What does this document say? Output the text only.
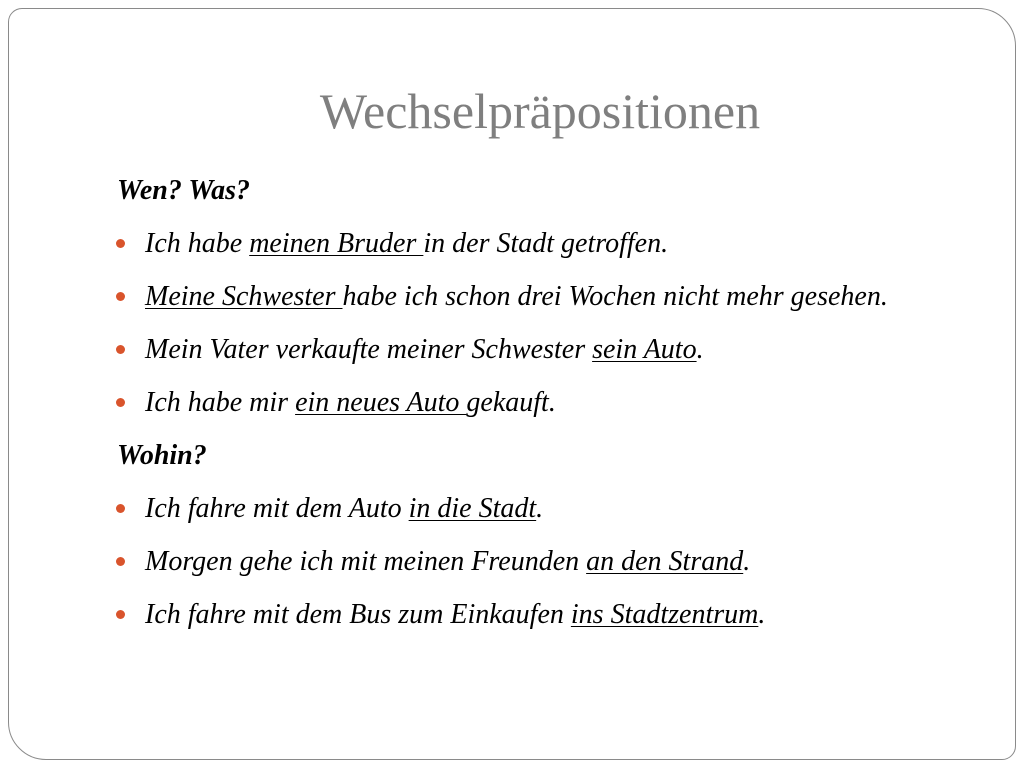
Wechselpräpositionen
Wen? Was?
Ich habe meinen Bruder in der Stadt getroffen.
Meine Schwester habe ich schon drei Wochen nicht mehr gesehen.
Mein Vater verkaufte meiner Schwester sein Auto.
Ich habe mir ein neues Auto gekauft.
Wohin?
Ich fahre mit dem Auto in die Stadt.
Morgen gehe ich mit meinen Freunden an den Strand.
Ich fahre mit dem Bus zum Einkaufen ins Stadtzentrum.
